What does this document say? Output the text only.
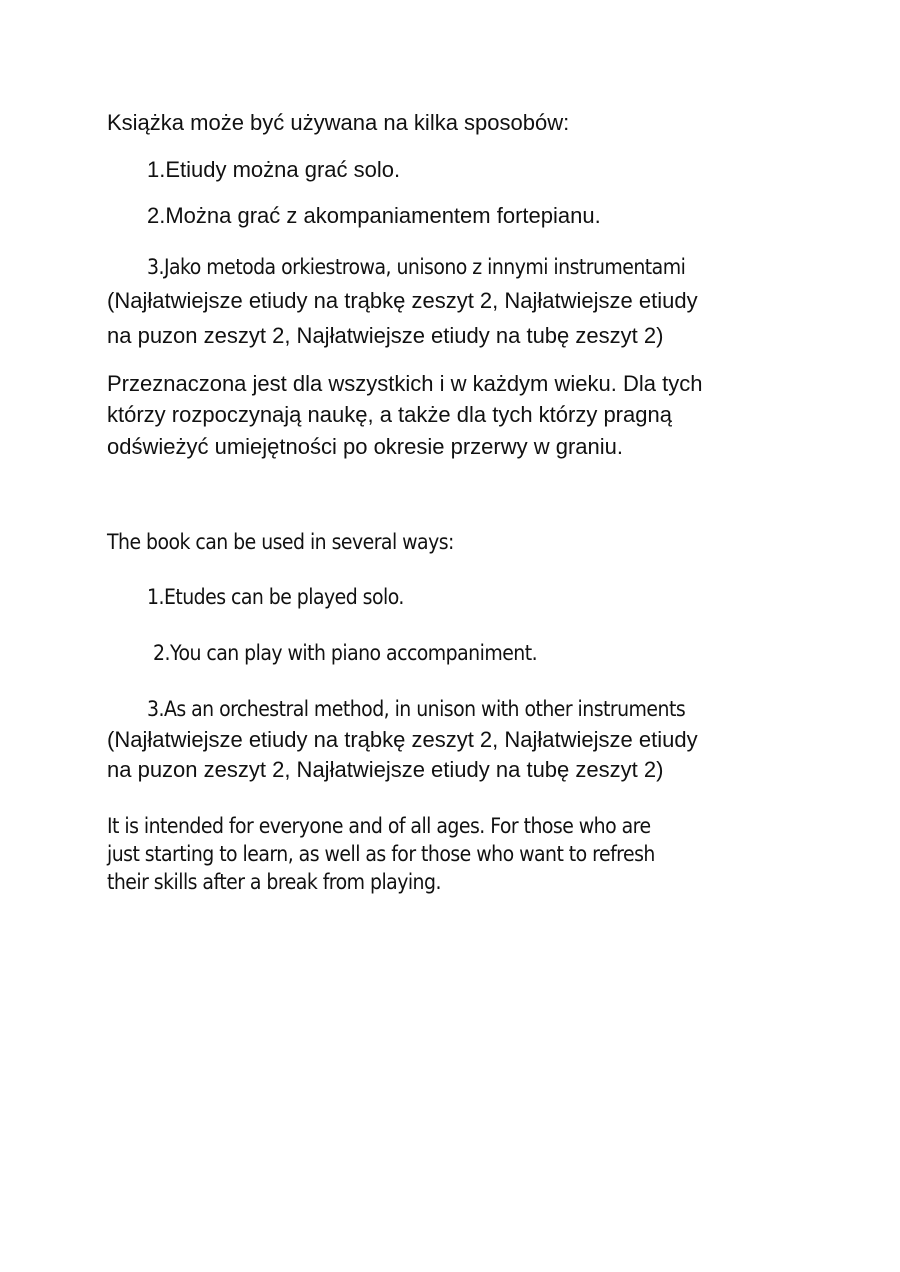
Książka może być używana na kilka sposobów:
1.Etiudy można grać solo.
2.Można grać z akompaniamentem fortepianu.
3.Jako metoda orkiestrowa, unisono z innymi instrumentami
(Najłatwiejsze etiudy na trąbkę zeszyt 2, Najłatwiejsze etiudy
na puzon zeszyt 2, Najłatwiejsze etiudy na tubę zeszyt 2)
Przeznaczona jest dla wszystkich i w każdym wieku. Dla tych
którzy rozpoczynają naukę, a także dla tych którzy pragną
odświeżyć umiejętności po okresie przerwy w graniu.
The book can be used in several ways:
1.Etudes can be played solo.
2.You can play with piano accompaniment.
3.As an orchestral method, in unison with other instruments
(Najłatwiejsze etiudy na trąbkę zeszyt 2, Najłatwiejsze etiudy
na puzon zeszyt 2, Najłatwiejsze etiudy na tubę zeszyt 2)
It is intended for everyone and of all ages. For those who are
just starting to learn, as well as for those who want to refresh
their skills after a break from playing.
